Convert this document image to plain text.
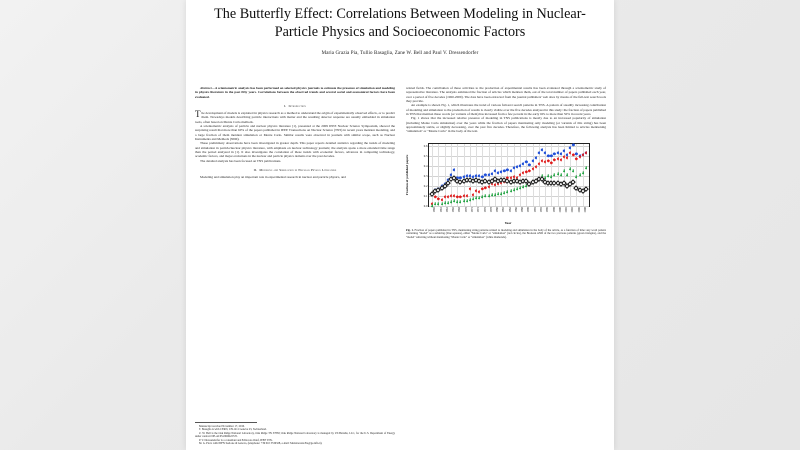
The Butterfly Effect: Correlations Between Modeling in Nuclear-Particle Physics and Socioeconomic Factors
Maria Grazia Pia, Tullio Basaglia, Zane W. Bell and Paul V. Dressendorfer

Abstract—A scientometric analysis has been performed on selected physics journals to estimate the presence of simulation and modeling in physics literature in the past fifty years. Correlations between the observed trends and several social and economical factors have been evaluated.

I. Introduction

The development of models is exploited in physics research as a method to understand the origin of experimentally observed effects, or to predict them. Nowadays models describing particle interactions with matter and the resulting detector response are usually embedded in simulation tools, often based on Monte Carlo methods.

A scientometric analysis of particle and nuclear physics literature [1], presented at the 2009 IEEE Nuclear Science Symposium, showed the surprising result that more than 60% of the papers published in IEEE Transactions on Nuclear Science (TNS) in recent years mention modeling, and a large fraction of them mention simulation or Monte Carlo. Similar results were observed in journals with similar scope, such as Nuclear Instruments and Methods (NIM).

These preliminary observations have been investigated in greater depth. This paper reports detailed statistics regarding the trends of modeling and simulation in particle/nuclear physics literature, with emphasis on nuclear technology journals; the analysis spans a more extended time range than the period analyzed in [1]. It also investigates the correlation of these trends with economic factors, advances in computing technology, academic factors, and major evolutions in the nuclear and particle physics domain over the past decades.

The detailed analysis has been focused on TNS publications.

II. Modeling and Simulation in Nuclear Physics Literature

Modeling and simulation play an important role in experimental research in nuclear and particle physics, and

related fields. The contribution of these activities to the production of experimental results has been evaluated through a scientometric study of representative literature. The analysis estimated the fraction of articles which mention them, out of the total number of papers published each year, over a period of five decades (1960-2009). The data have been extracted from the journal publishers' web sites by means of the full-text search tools they provide.

An example is shown Fig. 1, which illustrates the trend of various full-text search patterns in TNS. A pattern of steadily increasing contribution of modeling and simulation to the production of results is clearly visible over the five decades analyzed in this study: the fraction of papers published in TNS that mention these words (or variants of them) has increased from a few percent in the early 60's to more than 50% in recent years.

Fig. 1 shows that the increased relative presence of modeling in TNS publications is mostly due to an increased popularity of simulation (including Monte Carlo simulation) over the years while the fraction of papers mentioning only modeling (or variants of this string) has been approximately stable, or slightly decreasing, over the past five decades. Therefore, the following analysis has been limited to articles mentioning "simulation" or "Monte Carlo" in the body of the text.

Fraction of published papers
0.0
0.1
0.2
0.3
0.4
0.5
0.6
1960 1962 1964 1966 1968 1970 1972 1974 1976 1978 1980 1982 1984 1986 1988 1990 1992 1994 1996 1998 2000 2002 2004 2006 2008
Year
Fig. 1. Fraction of papers published in TNS, mentioning string patterns related to modeling and simulation in the body of the article, as a function of time: any word pattern containing "model" as a substring (blue squares), either "Monte Carlo" or "simulation" (red circles), the Boolean AND of the two previous patterns (green triangles), and the "model" substring without mentioning "Monte Carlo" or "simulation" (white diamonds).

Manuscript received November 17, 2010.

T. Basaglia is with CERN, CH-1211 Geneva 23, Switzerland.

Z. W. Bell is the Oak Ridge National Laboratory, Oak Ridge TN 37830; Oak Ridge National Laboratory is managed by UT-Battelle, LLC, for the U.S. Department of Energy under contract DE-AC05-00OR22725.

P. V. Dressendorfer is a consultant and Editor-in-Chief, IEEE TNS.

M. G. Pia is with INFN Sezione di Genova, (telephone: +39 010 3536328, e-mail: MariaGrazia.Pia@ge.infn.it).
